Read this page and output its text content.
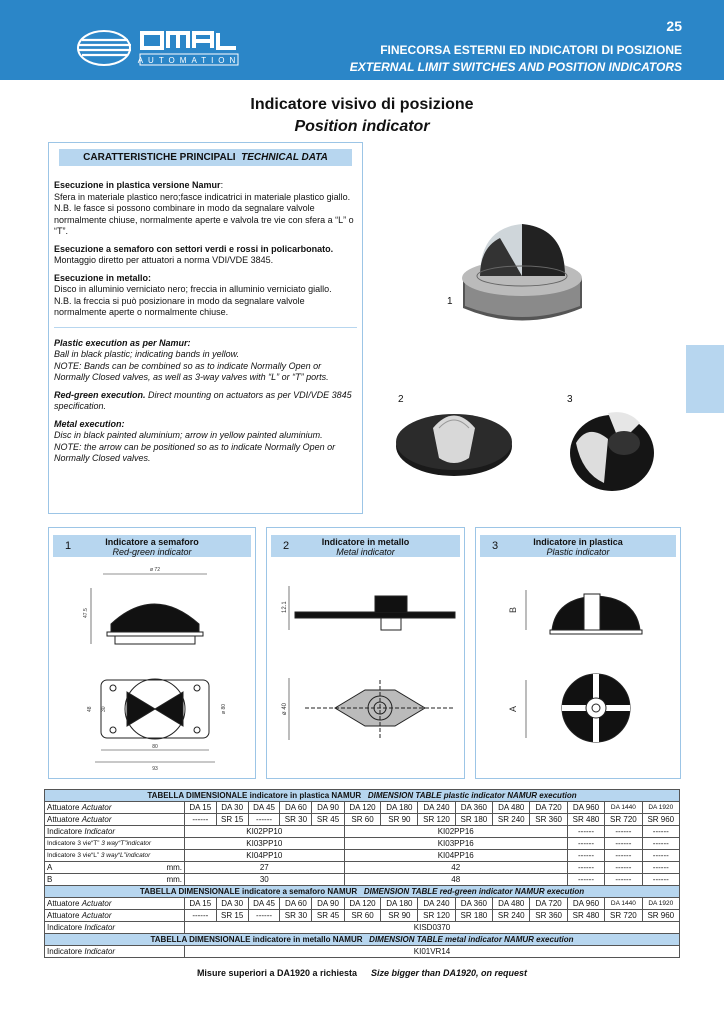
AUTOMATION
25
FINECORSA ESTERNI ED INDICATORI DI POSIZIONE
EXTERNAL LIMIT SWITCHES AND POSITION INDICATORS
Indicatore visivo di posizione
Position indicator
CARATTERISTICHE PRINCIPALI TECHNICAL DATA

Esecuzione in plastica versione Namur:
Sfera in materiale plastico nero;fasce indicatrici in materiale plastico giallo.
N.B. le fasce si possono combinare in modo da segnalare valvole normalmente chiuse, normalmente aperte e valvola tre vie con sfera a “L” o “T”.

Esecuzione a semaforo con settori verdi e rossi in policarbonato.
Montaggio diretto per attuatori a norma VDI/VDE 3845.

Esecuzione in metallo:
Disco in alluminio verniciato nero; freccia in alluminio verniciato giallo.
N.B. la freccia si può posizionare in modo da segnalare valvole normalmente aperte o normalmente chiuse.

Plastic execution as per Namur:
Ball in black plastic; indicating bands in yellow.
NOTE: Bands can be combined so as to indicate Normally Open or Normally Closed valves, as well as 3-way valves with “L” or “T” ports.

Red-green execution. Direct mounting on actuators as per VDI/VDE 3845 specification.

Metal execution:
Disc in black painted aluminium; arrow in yellow painted aluminium.
NOTE: the arrow can be positioned so as to indicate Normally Open or Normally Closed valves.

1
2	3
1	Indicatore a semaforo
Red-green indicator
ø 72
47.5
80
93
48 30	ø 80
2	Indicatore in metallo
Metal indicator
12.1
ø 40
3	Indicatore in plastica
Plastic indicator
B
A
TABELLA DIMENSIONALE indicatore in plastica NAMUR DIMENSION TABLE plastic indicator NAMUR execution														
Attuatore Actuator	DA 15	DA 30	DA 45	DA 60	DA 90	DA 120	DA 180	DA 240	DA 360	DA 480	DA 720	DA 960	DA 1440	DA 1920
Attuatore Actuator	------	SR 15	------	SR 30	SR 45	SR 60	SR 90	SR 120	SR 180	SR 240	SR 360	SR 480	SR 720	SR 960
Indicatore Indicator	KI02PP10					KI02PP16						------	------	------
Indicatore 3 vie“T” 3 way“T”indicator	KI03PP10					KI03PP16						------	------	------
Indicatore 3 vie“L” 3 way“L”indicator	KI04PP10					KI04PP16						------	------	------
A mm.	27					42						------	------	------
B mm.	30					48						------	------	------
TABELLA DIMENSIONALE indicatore a semaforo NAMUR DIMENSION TABLE red-green indicator NAMUR execution														
Attuatore Actuator	DA 15	DA 30	DA 45	DA 60	DA 90	DA 120	DA 180	DA 240	DA 360	DA 480	DA 720	DA 960	DA 1440	DA 1920
Attuatore Actuator	------	SR 15	------	SR 30	SR 45	SR 60	SR 90	SR 120	SR 180	SR 240	SR 360	SR 480	SR 720	SR 960
Indicatore Indicator	KISD0370													
TABELLA DIMENSIONALE indicatore in metallo NAMUR DIMENSION TABLE metal indicator NAMUR execution														
Indicatore Indicator	KI01VR14													
Misure superiori a DA1920 a richiesta Size bigger than DA1920, on request
